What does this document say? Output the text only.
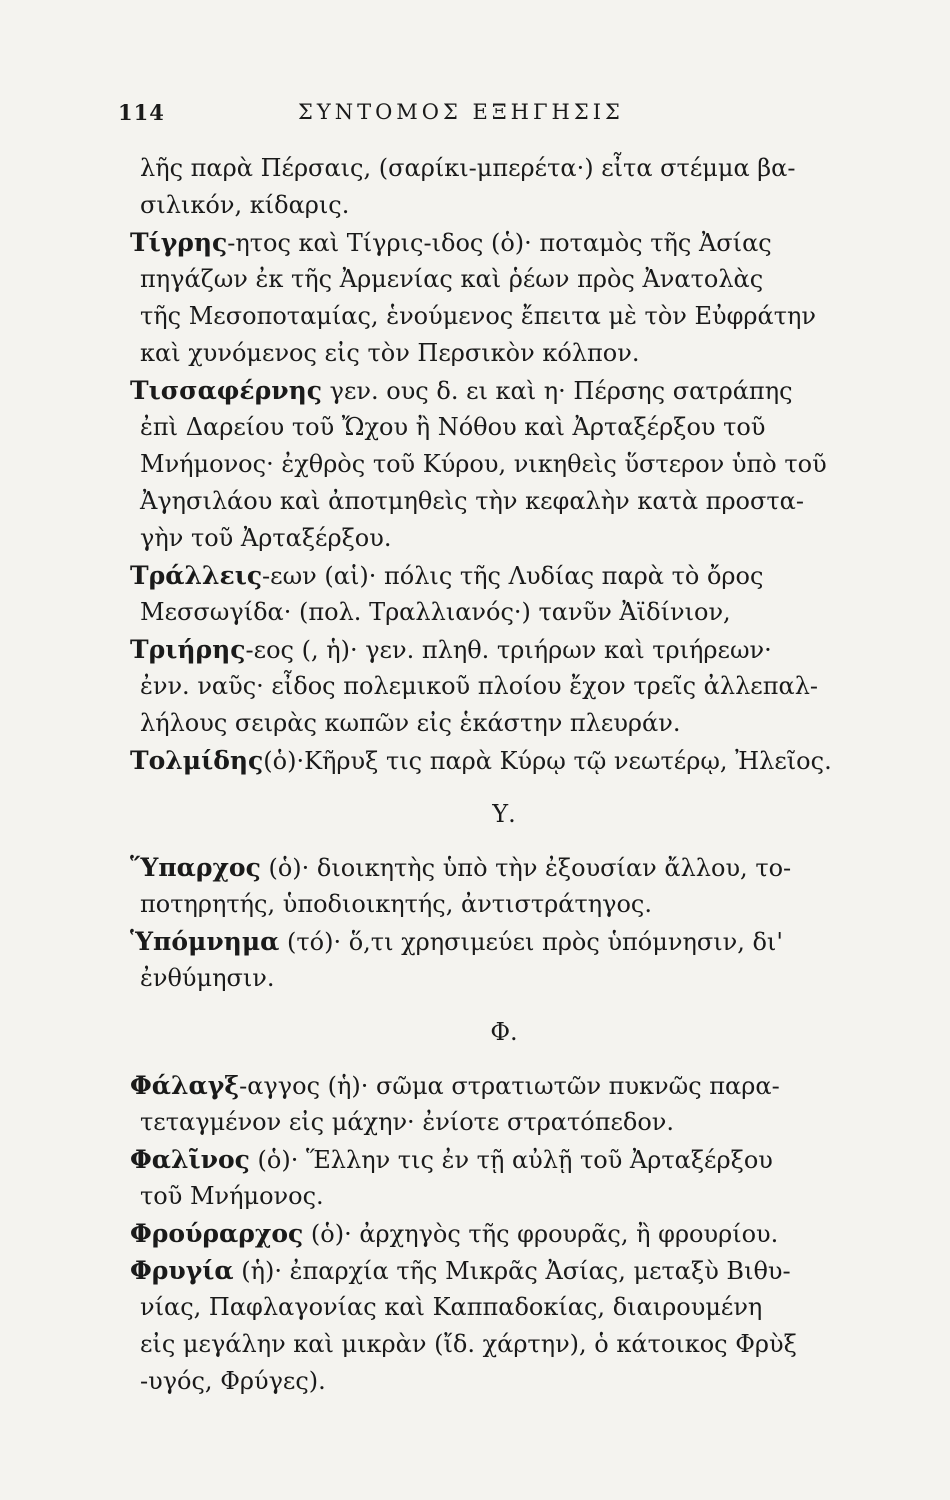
114	ΣΥΝΤΟΜΟΣ ΕΞΗΓΗΣΙΣ
λῆς παρὰ Πέρσαις, (σαρίκι-μπερέτα·) εἶτα στέμμα βα-
σιλικόν, κίδαρις.
Τίγρης-ητος καὶ Τίγρις-ιδος (ὁ)· ποταμὸς τῆς Ἀσίας
πηγάζων ἐκ τῆς Ἀρμενίας καὶ ῥέων πρὸς Ἀνατολὰς
τῆς Μεσοποταμίας, ἑνούμενος ἔπειτα μὲ τὸν Εὐφράτην
καὶ χυνόμενος εἰς τὸν Περσικὸν κόλπον.
Τισσαφέρνης γεν. ους δ. ει καὶ η· Πέρσης σατράπης
ἐπὶ Δαρείου τοῦ Ὤχου ἢ Νόθου καὶ Ἀρταξέρξου τοῦ
Μνήμονος· ἐχθρὸς τοῦ Κύρου, νικηθεὶς ὕστερον ὑπὸ τοῦ
Ἀγησιλάου καὶ ἀποτμηθεὶς τὴν κεφαλὴν κατὰ προστα-
γὴν τοῦ Ἀρταξέρξου.
Τράλλεις-εων (αἱ)· πόλις τῆς Λυδίας παρὰ τὸ ὄρος
Μεσσωγίδα· (πολ. Τραλλιανός·) τανῦν Ἀϊδίνιον,
Τριήρης-εος (, ἡ)· γεν. πληθ. τριήρων καὶ τριήρεων·
ἐνν. ναῦς· εἶδος πολεμικοῦ πλοίου ἔχον τρεῖς ἀλλεπαλ-
λήλους σειρὰς κωπῶν εἰς ἑκάστην πλευράν.
Τολμίδης(ὁ)·Κῆρυξ τις παρὰ Κύρῳ τῷ νεωτέρῳ, Ἠλεῖος.
Υ.
Ὕπαρχος (ὁ)· διοικητὴς ὑπὸ τὴν ἐξουσίαν ἄλλου, το-
ποτηρητής, ὑποδιοικητής, ἀντιστράτηγος.
Ὑπόμνημα (τό)· ὅ,τι χρησιμεύει πρὸς ὑπόμνησιν, δι'
ἐνθύμησιν.
Φ.
Φάλαγξ-αγγος (ἡ)· σῶμα στρατιωτῶν πυκνῶς παρα-
τεταγμένον εἰς μάχην· ἐνίοτε στρατόπεδον.
Φαλῖνος (ὁ)· Ἕλλην τις ἐν τῇ αὐλῇ τοῦ Ἀρταξέρξου
τοῦ Μνήμονος.
Φρούραρχος (ὁ)· ἀρχηγὸς τῆς φρουρᾶς, ἢ φρουρίου.
Φρυγία (ἡ)· ἐπαρχία τῆς Μικρᾶς Ἀσίας, μεταξὺ Βιθυ-
νίας, Παφλαγονίας καὶ Καππαδοκίας, διαιρουμένη
εἰς μεγάλην καὶ μικρὰν (ἴδ. χάρτην), ὁ κάτοικος Φρὺξ
-υγός, Φρύγες).
